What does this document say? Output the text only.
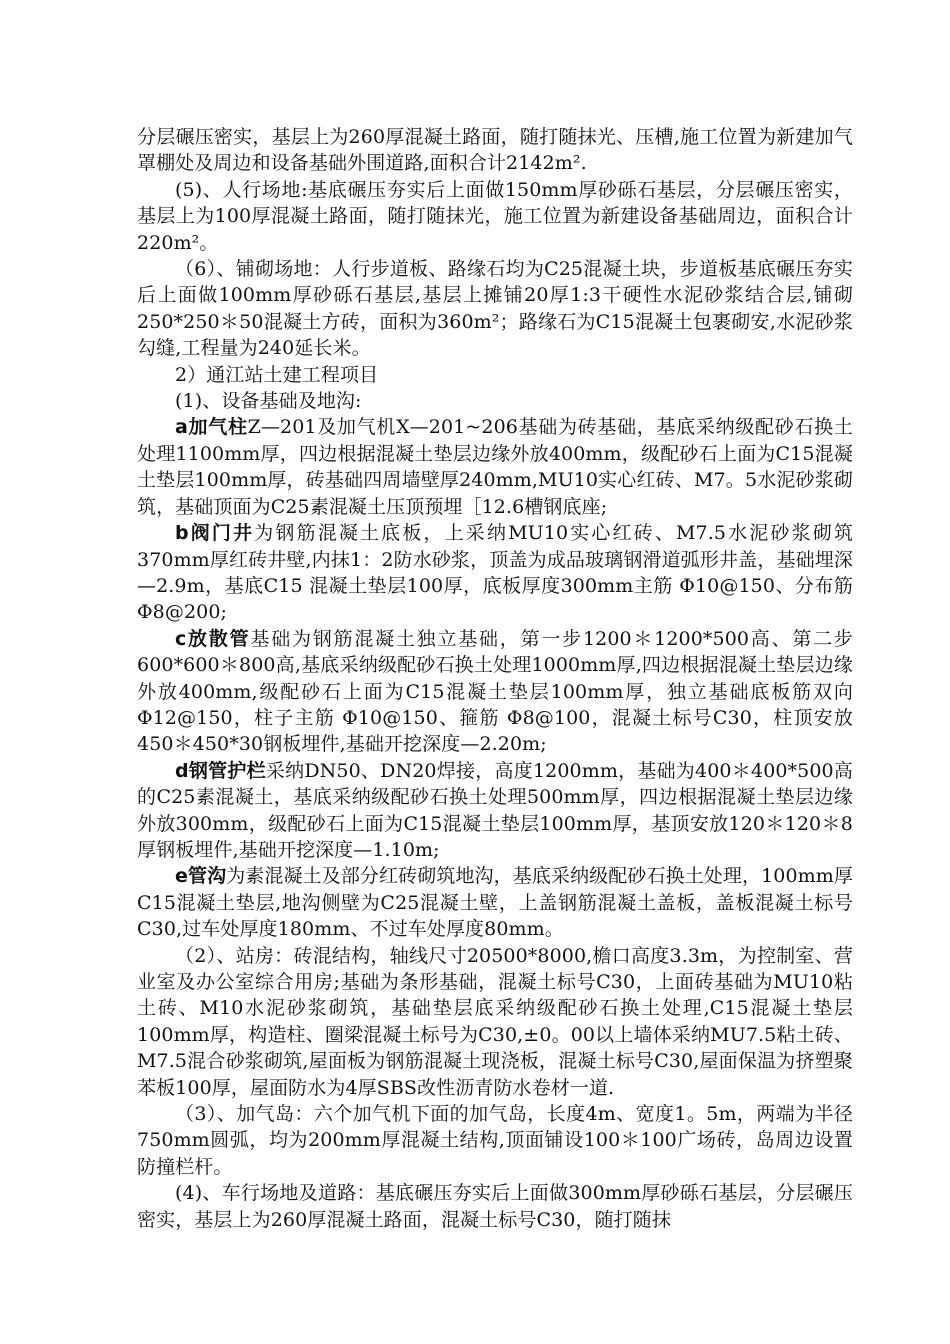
分层碾压密实，基层上为260厚混凝土路面，随打随抹光、压槽,施工位置为新建加气罩棚处及周边和设备基础外围道路,面积合计2142m².

(5)、人行场地:基底碾压夯实后上面做150mm厚砂砾石基层，分层碾压密实，基层上为100厚混凝土路面，随打随抹光，施工位置为新建设备基础周边，面积合计220m²。

（6）、铺砌场地：人行步道板、路缘石均为C25混凝土块，步道板基底碾压夯实后上面做100mm厚砂砾石基层,基层上摊铺20厚1:3干硬性水泥砂浆结合层,铺砌250*250＊50混凝土方砖，面积为360m²；路缘石为C15混凝土包裹砌安,水泥砂浆勾缝,工程量为240延长米。

2）通江站土建工程项目

(1)、设备基础及地沟:

a加气柱Z—201及加气机X—201~206基础为砖基础，基底采纳级配砂石换土处理1100mm厚，四边根据混凝土垫层边缘外放400mm，级配砂石上面为C15混凝土垫层100mm厚，砖基础四周墙壁厚240mm,MU10实心红砖、M7。5水泥砂浆砌筑，基础顶面为C25素混凝土压顶预埋［12.6槽钢底座;

b阀门井为钢筋混凝土底板，上采纳MU10实心红砖、M7.5水泥砂浆砌筑370mm厚红砖井壁,内抹1：2防水砂浆，顶盖为成品玻璃钢滑道弧形井盖，基础埋深—2.9m，基底C15 混凝土垫层100厚，底板厚度300mm主筋 Φ10@150、分布筋 Φ8@200;

c放散管基础为钢筋混凝土独立基础，第一步1200＊1200*500高、第二步600*600＊800高,基底采纳级配砂石换土处理1000mm厚,四边根据混凝土垫层边缘外放400mm,级配砂石上面为C15混凝土垫层100mm厚，独立基础底板筋双向 Φ12@150，柱子主筋 Φ10@150、箍筋 Φ8@100，混凝土标号C30，柱顶安放450＊450*30钢板埋件,基础开挖深度—2.20m;

d钢管护栏采纳DN50、DN20焊接，高度1200mm，基础为400＊400*500高的C25素混凝土，基底采纳级配砂石换土处理500mm厚，四边根据混凝土垫层边缘外放300mm，级配砂石上面为C15混凝土垫层100mm厚，基顶安放120＊120＊8厚钢板埋件,基础开挖深度—1.10m;

e管沟为素混凝土及部分红砖砌筑地沟，基底采纳级配砂石换土处理，100mm厚C15混凝土垫层,地沟侧壁为C25混凝土壁，上盖钢筋混凝土盖板，盖板混凝土标号C30,过车处厚度180mm、不过车处厚度80mm。

（2）、站房：砖混结构，轴线尺寸20500*8000,檐口高度3.3m，为控制室、营业室及办公室综合用房;基础为条形基础，混凝土标号C30，上面砖基础为MU10粘土砖、M10水泥砂浆砌筑，基础垫层底采纳级配砂石换土处理,C15混凝土垫层100mm厚，构造柱、圈梁混凝土标号为C30,±0。00以上墙体采纳MU7.5粘土砖、M7.5混合砂浆砌筑,屋面板为钢筋混凝土现浇板，混凝土标号C30,屋面保温为挤塑聚苯板100厚，屋面防水为4厚SBS改性沥青防水卷材一道.

（3）、加气岛：六个加气机下面的加气岛，长度4m、宽度1。5m，两端为半径750mm圆弧，均为200mm厚混凝土结构,顶面铺设100＊100广场砖，岛周边设置防撞栏杆。

(4)、车行场地及道路：基底碾压夯实后上面做300mm厚砂砾石基层，分层碾压密实，基层上为260厚混凝土路面，混凝土标号C30，随打随抹
